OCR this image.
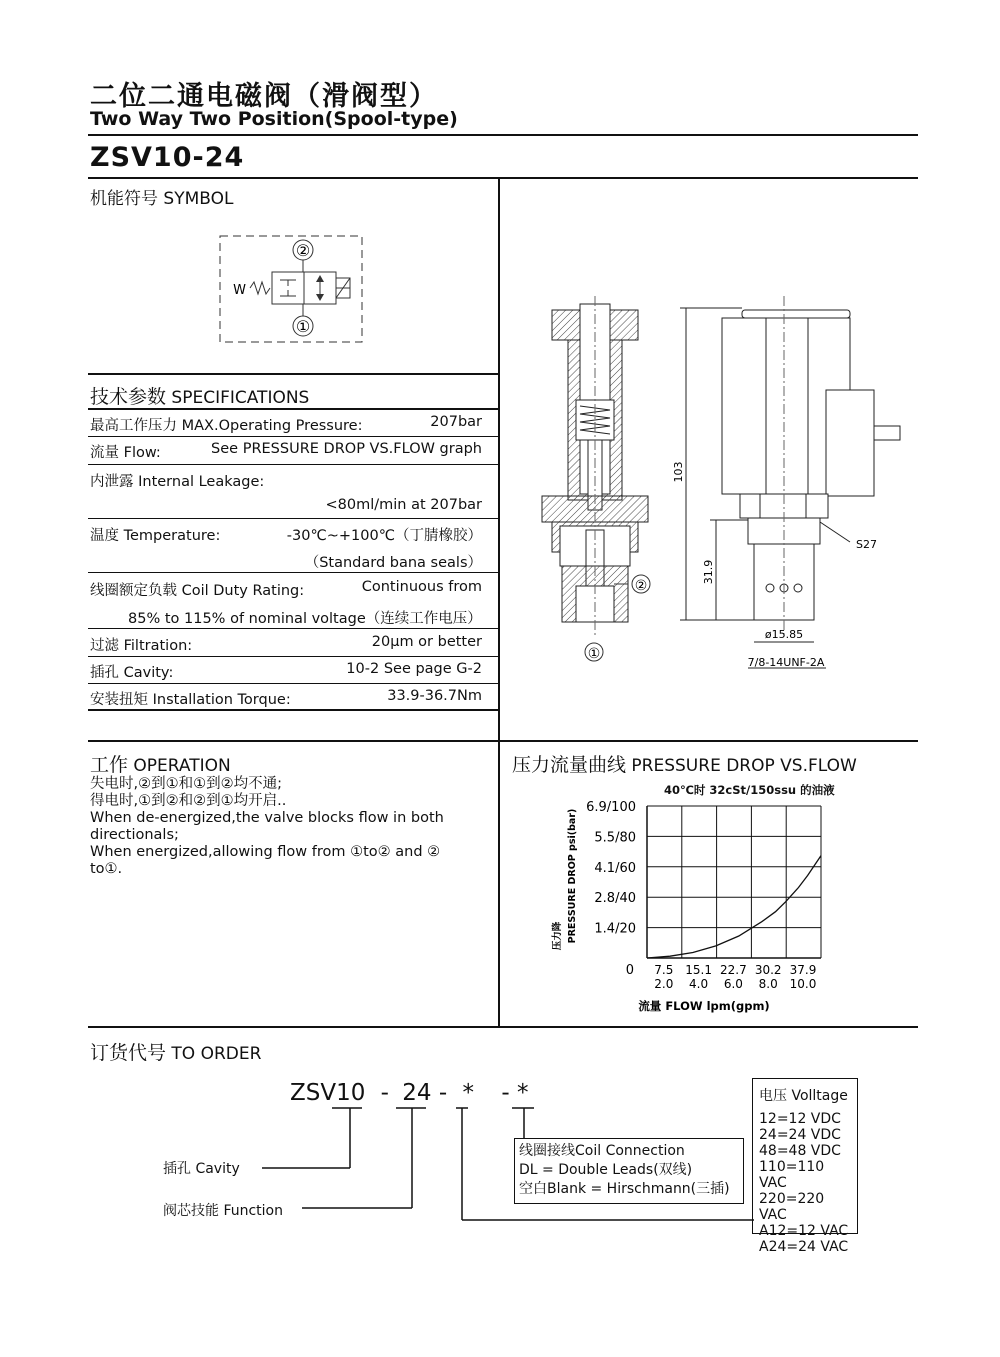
二位二通电磁阀（滑阀型）
Two Way Two Position(Spool-type)
ZSV10-24
机能符号 SYMBOL
②
①
W
技术参数 SPECIFICATIONS
最高工作压力 MAX.Operating Pressure:	207bar
流量 Flow:	See PRESSURE DROP VS.FLOW graph
内泄露 Internal Leakage:
<80ml/min at 207bar
温度 Temperature:	-30℃~+100℃（丁腈橡胶）
（Standard bana seals）
线圈额定负载 Coil Duty Rating:	Continuous from
85% to 115% of nominal voltage（连续工作电压）
过滤 Filtration:	20μm or better
插孔 Cavity:	10-2 See page G-2
安装扭矩 Installation Torque:	33.9-36.7Nm
②
①
103
31.9
S27
ø15.85
7/8-14UNF-2A
工作 OPERATION
失电时,②到①和①到②均不通;
得电时,①到②和②到①均开启..
When de-energized,the valve blocks flow in both
directionals;
When energized,allowing flow from ①to② and ②
to①.
压力流量曲线 PRESSURE DROP VS.FLOW
40℃时 32cSt/150ssu 的油液
0
1.4/20
2.8/40
4.1/60
5.5/80
6.9/100
7.5
2.0
15.1
4.0
22.7
6.0
30.2
8.0
37.9
10.0
压力降 PRESSURE DROP psi(bar)
流量 FLOW lpm(gpm)
订货代号 TO ORDER
ZSV10 - 24 - * - *
插孔 Cavity
阀芯技能 Function
线圈接线Coil Connection
DL = Double Leads(双线)
空白Blank = Hirschmann(三插)
电压 Volltage
12=12 VDC
24=24 VDC
48=48 VDC
110=110 VAC
220=220 VAC
A12=12 VAC
A24=24 VAC
